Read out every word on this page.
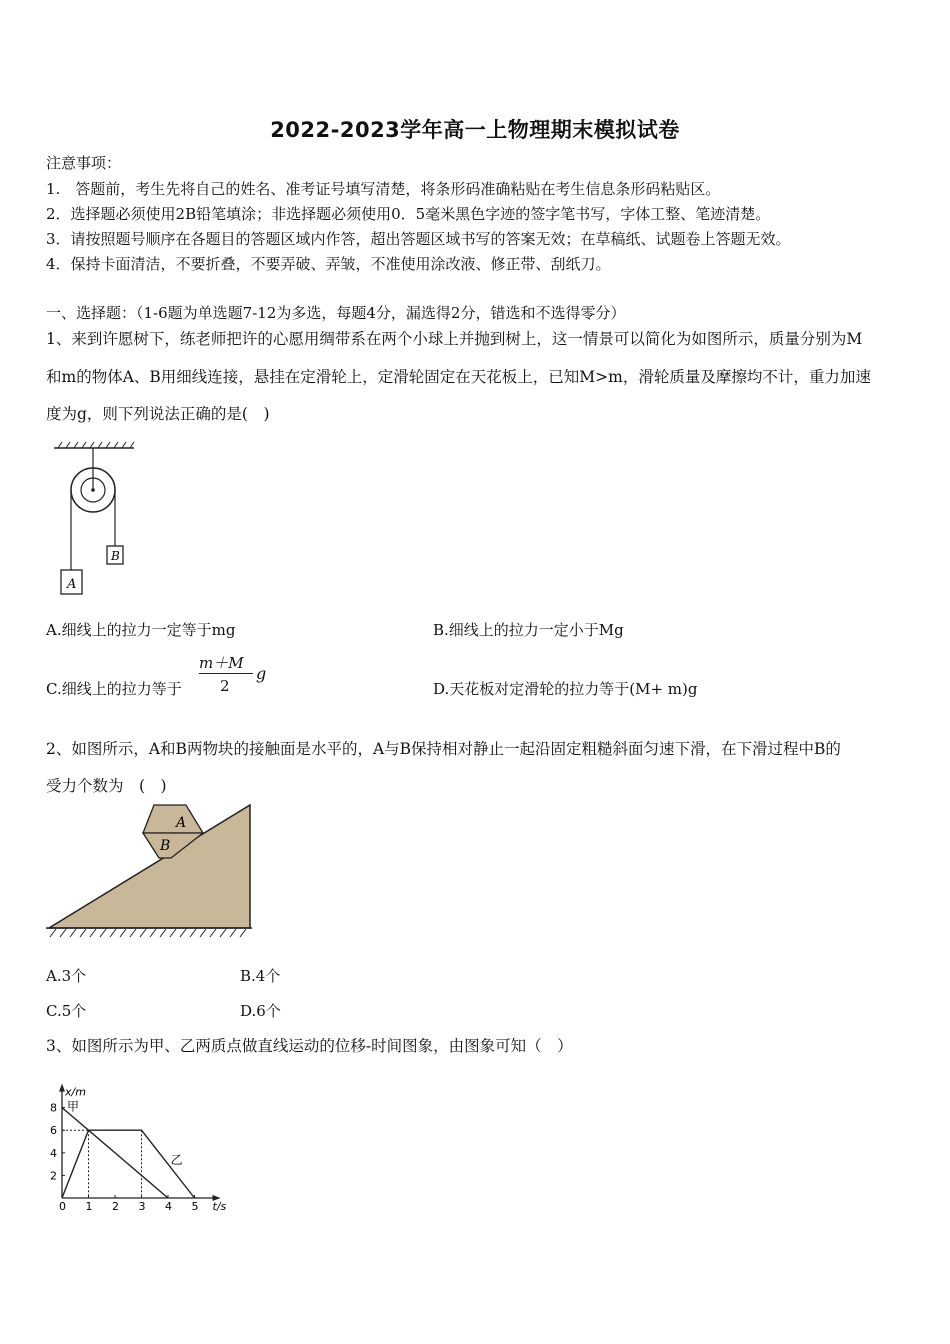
2022-2023学年高一上物理期末模拟试卷
注意事项：
1.　答题前，考生先将自己的姓名、准考证号填写清楚，将条形码准确粘贴在考生信息条形码粘贴区。
2．选择题必须使用2B铅笔填涂；非选择题必须使用0．5毫米黑色字迹的签字笔书写，字体工整、笔迹清楚。
3．请按照题号顺序在各题目的答题区域内作答，超出答题区域书写的答案无效；在草稿纸、试题卷上答题无效。
4．保持卡面清洁，不要折叠，不要弄破、弄皱，不准使用涂改液、修正带、刮纸刀。
一、选择题：（1-6题为单选题7-12为多选，每题4分，漏选得2分，错选和不选得零分）
1、来到许愿树下，练老师把许的心愿用绸带系在两个小球上并抛到树上，这一情景可以简化为如图所示，质量分别为M
和m的物体A、B用细线连接，悬挂在定滑轮上，定滑轮固定在天花板上，已知M>m，滑轮质量及摩擦均不计，重力加速
度为g，则下列说法正确的是(　)
A
B
A.细线上的拉力一定等于mg	B.细线上的拉力一定小于Mg
C.细线上的拉力等于
m＋M
2
g
D.天花板对定滑轮的拉力等于(M+ m)g
2、如图所示，A和B两物块的接触面是水平的，A与B保持相对静止一起沿固定粗糙斜面匀速下滑，在下滑过程中B的
受力个数为　(　)
A
B
A.3个	B.4个
C.5个	D.6个
3、如图所示为甲、乙两质点做直线运动的位移-时间图象，由图象可知（　）
x/m
t/s
0 1 2 3 4 5
2
4
6
8 甲
乙
